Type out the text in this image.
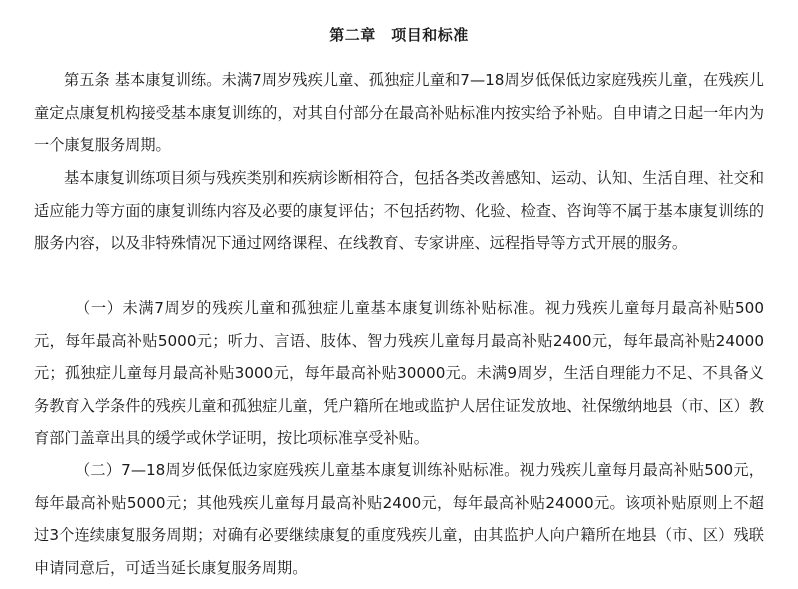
第二章　项目和标准

第五条 基本康复训练。未满7周岁残疾儿童、孤独症儿童和7—18周岁低保低边家庭残疾儿童，在残疾儿童定点康复机构接受基本康复训练的，对其自付部分在最高补贴标准内按实给予补贴。自申请之日起一年内为一个康复服务周期。

基本康复训练项目须与残疾类别和疾病诊断相符合，包括各类改善感知、运动、认知、生活自理、社交和适应能力等方面的康复训练内容及必要的康复评估；不包括药物、化验、检查、咨询等不属于基本康复训练的服务内容，以及非特殊情况下通过网络课程、在线教育、专家讲座、远程指导等方式开展的服务。

（一）未满7周岁的残疾儿童和孤独症儿童基本康复训练补贴标准。视力残疾儿童每月最高补贴500元，每年最高补贴5000元；听力、言语、肢体、智力残疾儿童每月最高补贴2400元，每年最高补贴24000元；孤独症儿童每月最高补贴3000元，每年最高补贴30000元。未满9周岁，生活自理能力不足、不具备义务教育入学条件的残疾儿童和孤独症儿童，凭户籍所在地或监护人居住证发放地、社保缴纳地县（市、区）教育部门盖章出具的缓学或休学证明，按比项标准享受补贴。

（二）7—18周岁低保低边家庭残疾儿童基本康复训练补贴标准。视力残疾儿童每月最高补贴500元，每年最高补贴5000元；其他残疾儿童每月最高补贴2400元，每年最高补贴24000元。该项补贴原则上不超过3个连续康复服务周期；对确有必要继续康复的重度残疾儿童，由其监护人向户籍所在地县（市、区）残联申请同意后，可适当延长康复服务周期。
